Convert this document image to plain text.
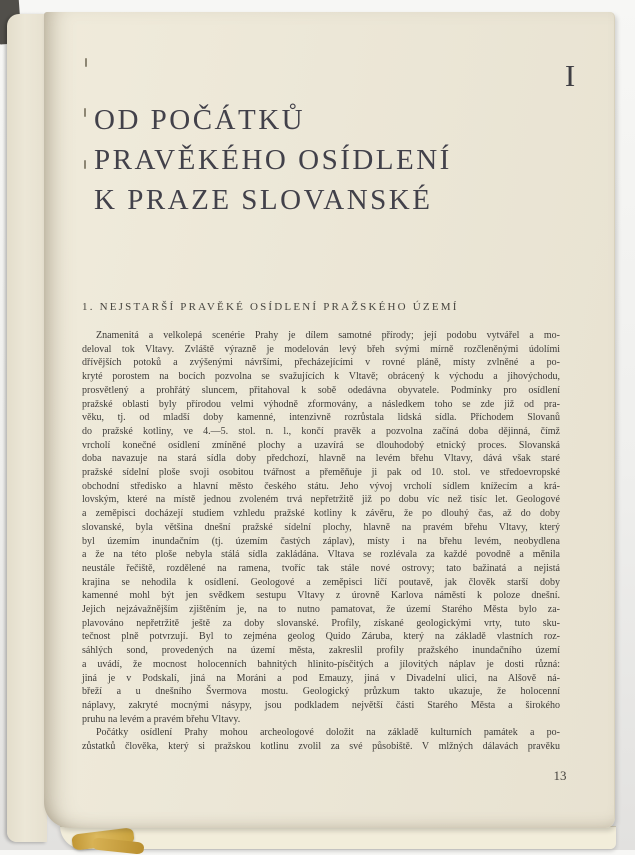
I
OD POČÁTKŮ
PRAVĚKÉHO OSÍDLENÍ
K PRAZE SLOVANSKÉ
1. NEJSTARŠÍ PRAVĚKÉ OSÍDLENÍ PRAŽSKÉHO ÚZEMÍ
Znamenitá a velkolepá scenérie Prahy je dílem samotné přírody; její podobu vytvářel a mo-
deloval tok Vltavy. Zvláště výrazně je modelován levý břeh svými mírně rozčleněnými údolími
dřívějších potoků a zvýšenými návršími, přecházejícími v rovné pláně, místy zvlněné a po-
kryté porostem na bocích pozvolna se svažujících k Vltavě; obrácený k východu a jihovýchodu,
prosvětlený a prohřátý sluncem, přitahoval k sobě odedávna obyvatele. Podmínky pro osídlení
pražské oblasti byly přírodou velmi výhodně zformovány, a následkem toho se zde již od pra-
věku, tj. od mladší doby kamenné, intenzivně rozrůstala lidská sídla. Příchodem Slovanů
do pražské kotliny, ve 4.—5. stol. n. l., končí pravěk a pozvolna začíná doba dějinná, čímž
vrcholí konečné osídlení zmíněné plochy a uzavírá se dlouhodobý etnický proces. Slovanská
doba navazuje na stará sídla doby předchozí, hlavně na levém břehu Vltavy, dává však staré
pražské sídelní ploše svoji osobitou tvářnost a přeměňuje ji pak od 10. stol. ve středoevropské
obchodní středisko a hlavní město českého státu. Jeho vývoj vrcholí sídlem knížecím a krá-
lovským, které na místě jednou zvoleném trvá nepřetržitě již po dobu víc než tisíc let. Geologové
a zeměpisci docházejí studiem vzhledu pražské kotliny k závěru, že po dlouhý čas, až do doby
slovanské, byla většina dnešní pražské sídelní plochy, hlavně na pravém břehu Vltavy, který
byl územím inundačním (tj. územím častých záplav), místy i na břehu levém, neobydlena
a že na této ploše nebyla stálá sídla zakládána. Vltava se rozlévala za každé povodně a měnila
neustále řečiště, rozdělené na ramena, tvoříc tak stále nové ostrovy; tato bažinatá a nejistá
krajina se nehodila k osídlení. Geologové a zeměpisci líčí poutavě, jak člověk starší doby
kamenné mohl být jen svědkem sestupu Vltavy z úrovně Karlova náměstí k poloze dnešní.
Jejich nejzávažnějším zjištěním je, na to nutno pamatovat, že území Starého Města bylo za-
plavováno nepřetržitě ještě za doby slovanské. Profily, získané geologickými vrty, tuto sku-
tečnost plně potvrzují. Byl to zejména geolog Quido Záruba, který na základě vlastních roz-
sáhlých sond, provedených na území města, zakreslil profily pražského inundačního území
a uvádí, že mocnost holocenních bahnitých hlinito-písčitých a jílovitých náplav je dosti různá:
jiná je v Podskalí, jiná na Moráni a pod Emauzy, jiná v Divadelní ulici, na Alšově ná-
břeží a u dnešního Švermova mostu. Geologický průzkum takto ukazuje, že holocenní
náplavy, zakryté mocnými násypy, jsou podkladem největší části Starého Města a širokého
pruhu na levém a pravém břehu Vltavy.
Počátky osídlení Prahy mohou archeologové doložit na základě kulturních památek a po-
zůstatků člověka, který si pražskou kotlinu zvolil za své působiště. V mlžných dálavách pravěku
13
